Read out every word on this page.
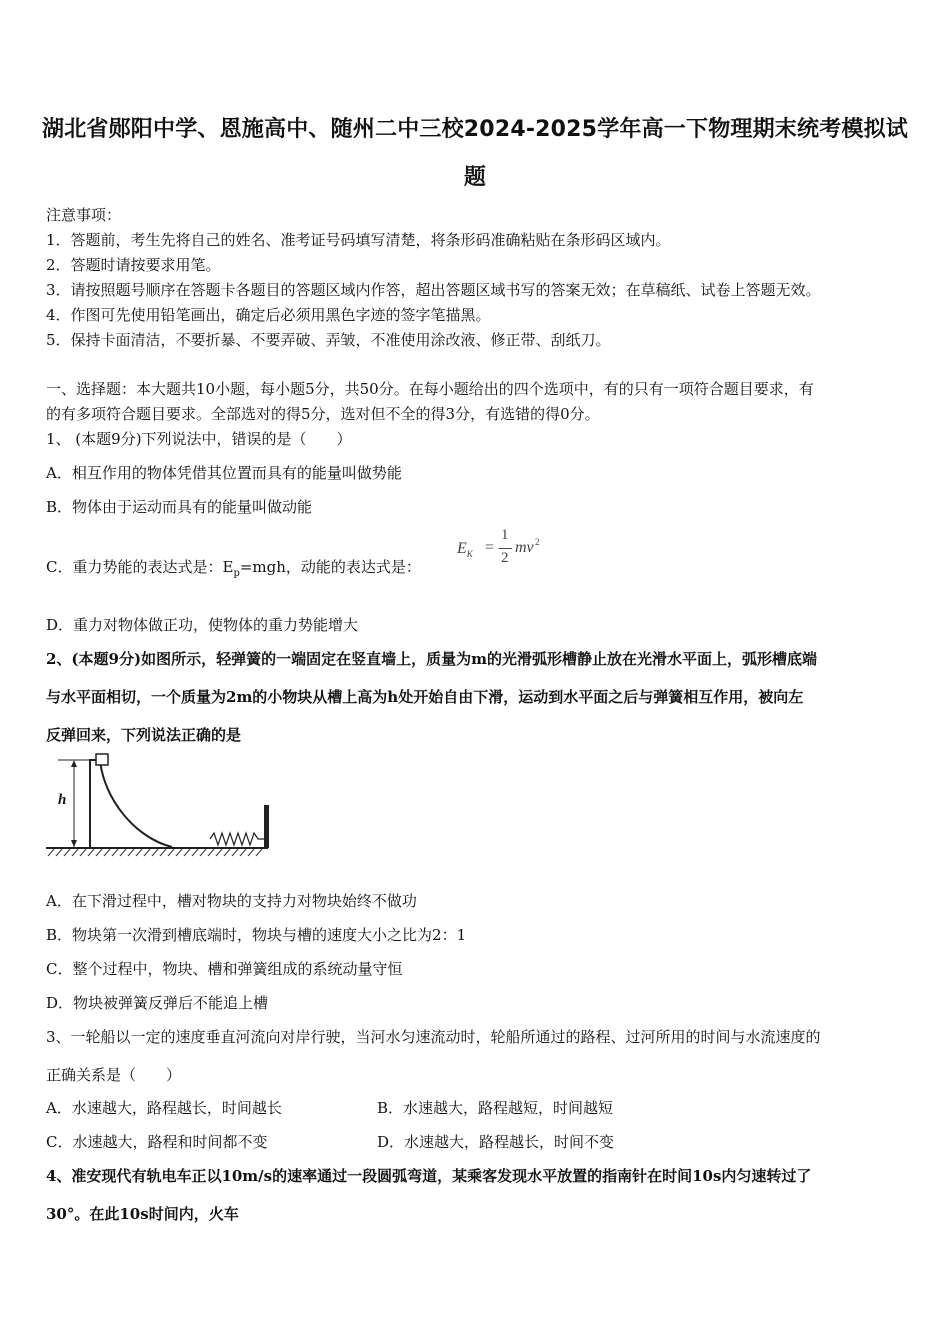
湖北省郧阳中学、恩施高中、随州二中三校2024-2025学年高一下物理期末统考模拟试
题
注意事项：
1．答题前，考生先将自己的姓名、准考证号码填写清楚，将条形码准确粘贴在条形码区域内。
2．答题时请按要求用笔。
3．请按照题号顺序在答题卡各题目的答题区域内作答，超出答题区域书写的答案无效；在草稿纸、试卷上答题无效。
4．作图可先使用铅笔画出，确定后必须用黑色字迹的签字笔描黑。
5．保持卡面清洁，不要折暴、不要弄破、弄皱，不准使用涂改液、修正带、刮纸刀。
一、选择题：本大题共10小题，每小题5分，共50分。在每小题给出的四个选项中，有的只有一项符合题目要求，有
的有多项符合题目要求。全部选对的得5分，选对但不全的得3分，有选错的得0分。
1、 (本题9分)下列说法中，错误的是（　　）
A．相互作用的物体凭借其位置而具有的能量叫做势能
B．物体由于运动而具有的能量叫做动能
C．重力势能的表达式是：$E_p=mgh$，动能的表达式是：
$E_K$ =
1
2
mv 2
D．重力对物体做正功，使物体的重力势能增大
2、(本题9分)如图所示，轻弹簧的一端固定在竖直墙上，质量为m的光滑弧形槽静止放在光滑水平面上，弧形槽底端
与水平面相切，一个质量为2m的小物块从槽上高为h处开始自由下滑，运动到水平面之后与弹簧相互作用，被向左
反弹回来，下列说法正确的是
h
A．在下滑过程中，槽对物块的支持力对物块始终不做功
B．物块第一次滑到槽底端时，物块与槽的速度大小之比为2：1
C．整个过程中，物块、槽和弹簧组成的系统动量守恒
D．物块被弹簧反弹后不能追上槽
3、一轮船以一定的速度垂直河流向对岸行驶，当河水匀速流动时，轮船所通过的路程、过河所用的时间与水流速度的
正确关系是（　　）
A．水速越大，路程越长，时间越长	B．水速越大，路程越短，时间越短
C．水速越大，路程和时间都不变	D．水速越大，路程越长，时间不变
4、准安现代有轨电车正以10m/s的速率通过一段圆弧弯道，某乘客发现水平放置的指南针在时间10s内匀速转过了
30°。在此10s时间内，火车
